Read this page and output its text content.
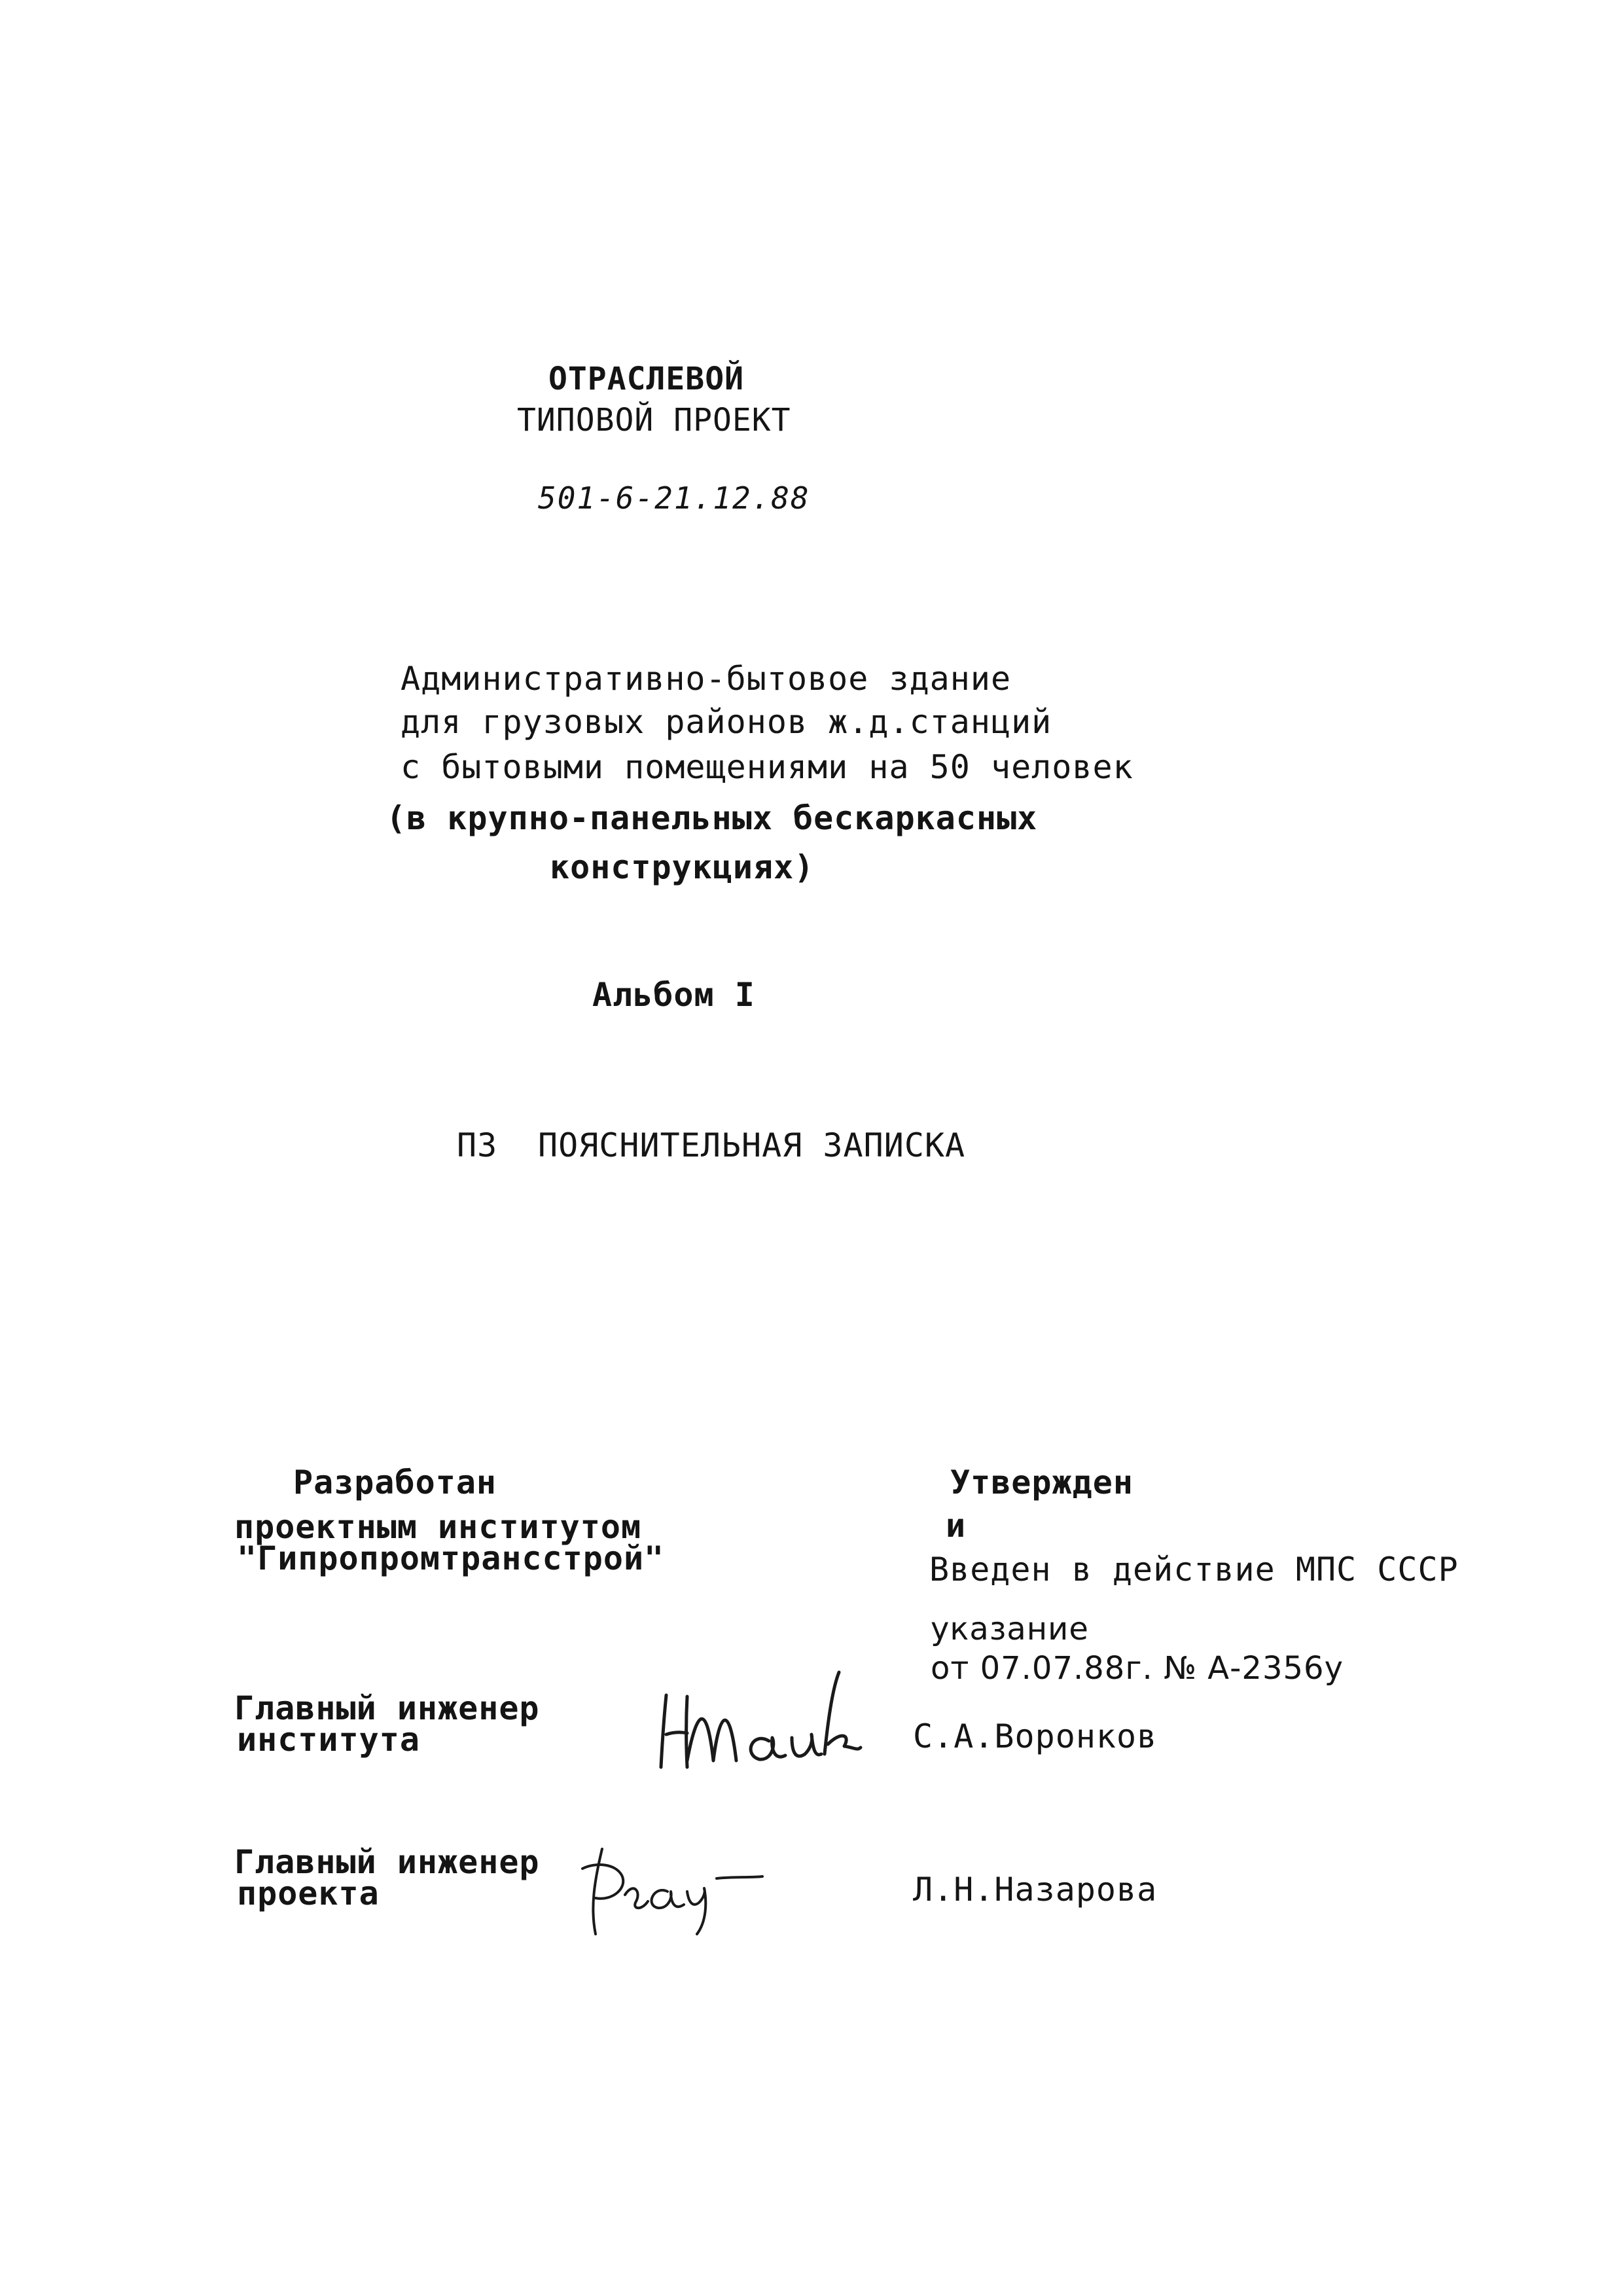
ОТРАСЛЕВОЙ
ТИПОВОЙ ПРОЕКТ
501-6-21.12.88
Административно-бытовое здание
для грузовых районов ж.д.станций
с бытовыми помещениями на 50 человек
(в крупно-панельных бескаркасных
конструкциях)
Альбом I
ПЗ ПОЯСНИТЕЛЬНАЯ ЗАПИСКА
Разработан
проектным институтом
"Гипропромтрансстрой"
Утвержден
и
Введен в действие МПС СССР
указание
от 07.07.88г. № А-2356у
Главный инженер
института	С.А.Воронков
Главный инженер
проекта	Л.Н.Назарова
